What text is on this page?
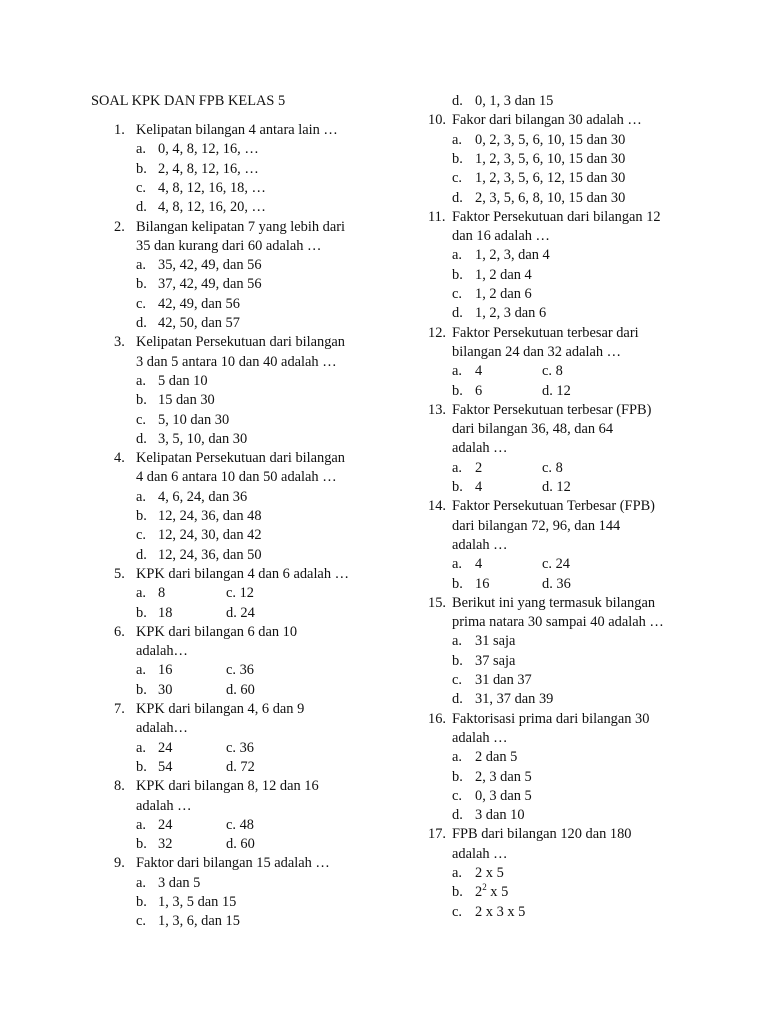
SOAL KPK DAN FPB KELAS 5
1. Kelipatan bilangan 4 antara lain …
a. 0, 4, 8, 12, 16, …
b. 2, 4, 8, 12, 16, …
c. 4, 8, 12, 16, 18, …
d. 4, 8, 12, 16, 20, …
2. Bilangan kelipatan 7 yang lebih dari
35 dan kurang dari 60 adalah …
a. 35, 42, 49, dan 56
b. 37, 42, 49, dan 56
c. 42, 49, dan 56
d. 42, 50, dan 57
3. Kelipatan Persekutuan dari bilangan
3 dan 5 antara 10 dan 40 adalah …
a. 5 dan 10
b. 15 dan 30
c. 5, 10 dan 30
d. 3, 5, 10, dan 30
4. Kelipatan Persekutuan dari bilangan
4 dan 6 antara 10 dan 50 adalah …
a. 4, 6, 24, dan 36
b. 12, 24, 36, dan 48
c. 12, 24, 30, dan 42
d. 12, 24, 36, dan 50
5. KPK dari bilangan 4 dan 6 adalah …
a. 8	c. 12
b. 18	d. 24
6. KPK dari bilangan 6 dan 10
adalah…
a. 16	c. 36
b. 30	d. 60
7. KPK dari bilangan 4, 6 dan 9
adalah…
a. 24	c. 36
b. 54	d. 72
8. KPK dari bilangan 8, 12 dan 16
adalah …
a. 24	c. 48
b. 32	d. 60
9. Faktor dari bilangan 15 adalah …
a. 3 dan 5
b. 1, 3, 5 dan 15
c. 1, 3, 6, dan 15
d. 0, 1, 3 dan 15
10. Fakor dari bilangan 30 adalah …
a. 0, 2, 3, 5, 6, 10, 15 dan 30
b. 1, 2, 3, 5, 6, 10, 15 dan 30
c. 1, 2, 3, 5, 6, 12, 15 dan 30
d. 2, 3, 5, 6, 8, 10, 15 dan 30
11. Faktor Persekutuan dari bilangan 12
dan 16 adalah …
a. 1, 2, 3, dan 4
b. 1, 2 dan 4
c. 1, 2 dan 6
d. 1, 2, 3 dan 6
12. Faktor Persekutuan terbesar dari
bilangan 24 dan 32 adalah …
a. 4	c. 8
b. 6	d. 12
13. Faktor Persekutuan terbesar (FPB)
dari bilangan 36, 48, dan 64
adalah …
a. 2	c. 8
b. 4	d. 12
14. Faktor Persekutuan Terbesar (FPB)
dari bilangan 72, 96, dan 144
adalah …
a. 4	c. 24
b. 16	d. 36
15. Berikut ini yang termasuk bilangan
prima natara 30 sampai 40 adalah …
a. 31 saja
b. 37 saja
c. 31 dan 37
d. 31, 37 dan 39
16. Faktorisasi prima dari bilangan 30
adalah …
a. 2 dan 5
b. 2, 3 dan 5
c. 0, 3 dan 5
d. 3 dan 10
17. FPB dari bilangan 120 dan 180
adalah …
a. 2 x 5
b. $2^2$ x 5
c. 2 x 3 x 5
